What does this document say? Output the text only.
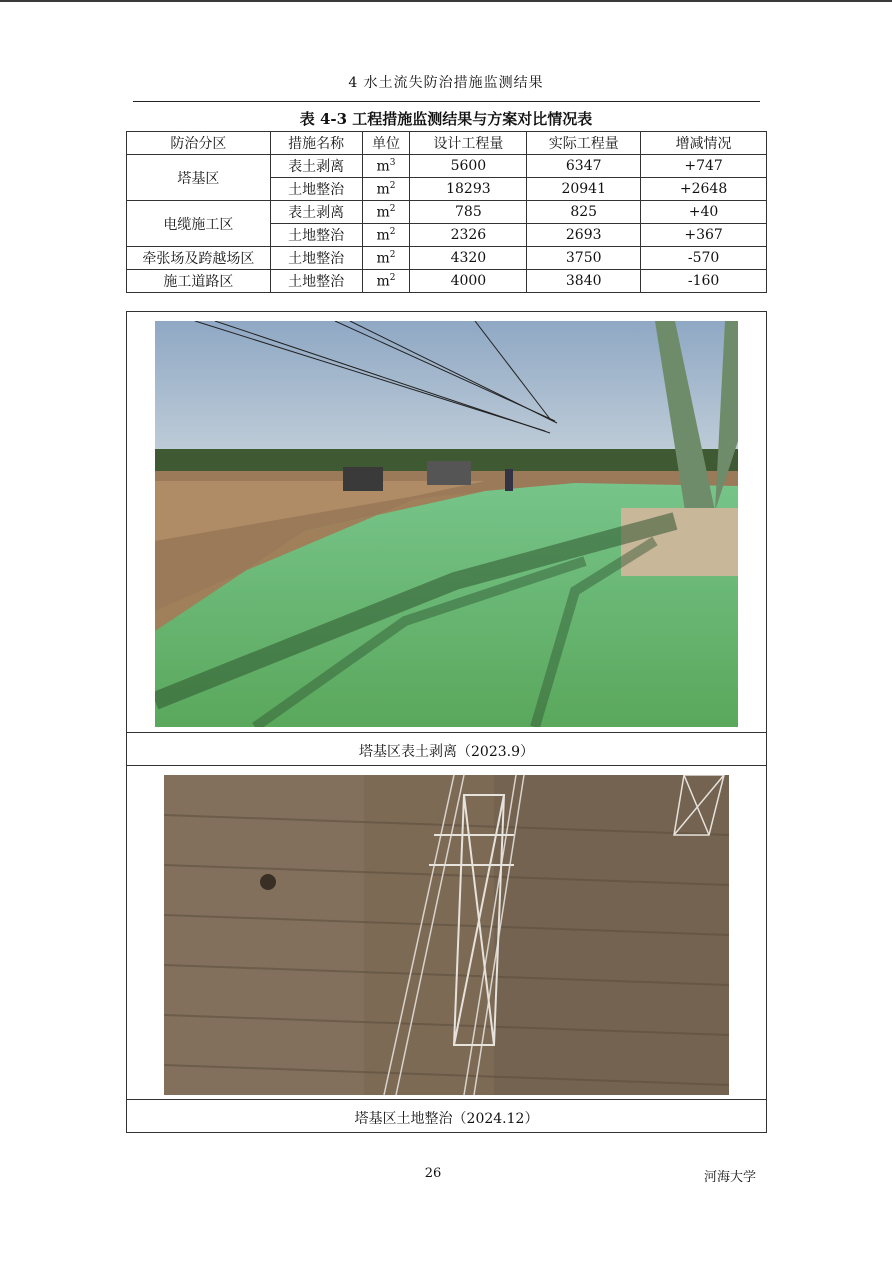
4 水土流失防治措施监测结果
表 4-3 工程措施监测结果与方案对比情况表
防治分区	措施名称	单位	设计工程量	实际工程量	增减情况
塔基区	表土剥离	$m^3$	5600	6347	+747
	土地整治	$m^2$	18293	20941	+2648
电缆施工区	表土剥离	$m^2$	785	825	+40
	土地整治	$m^2$	2326	2693	+367
牵张场及跨越场区	土地整治	$m^2$	4320	3750	-570
施工道路区	土地整治	$m^2$	4000	3840	-160
塔基区表土剥离（2023.9）
塔基区土地整治（2024.12）
26	河海大学
